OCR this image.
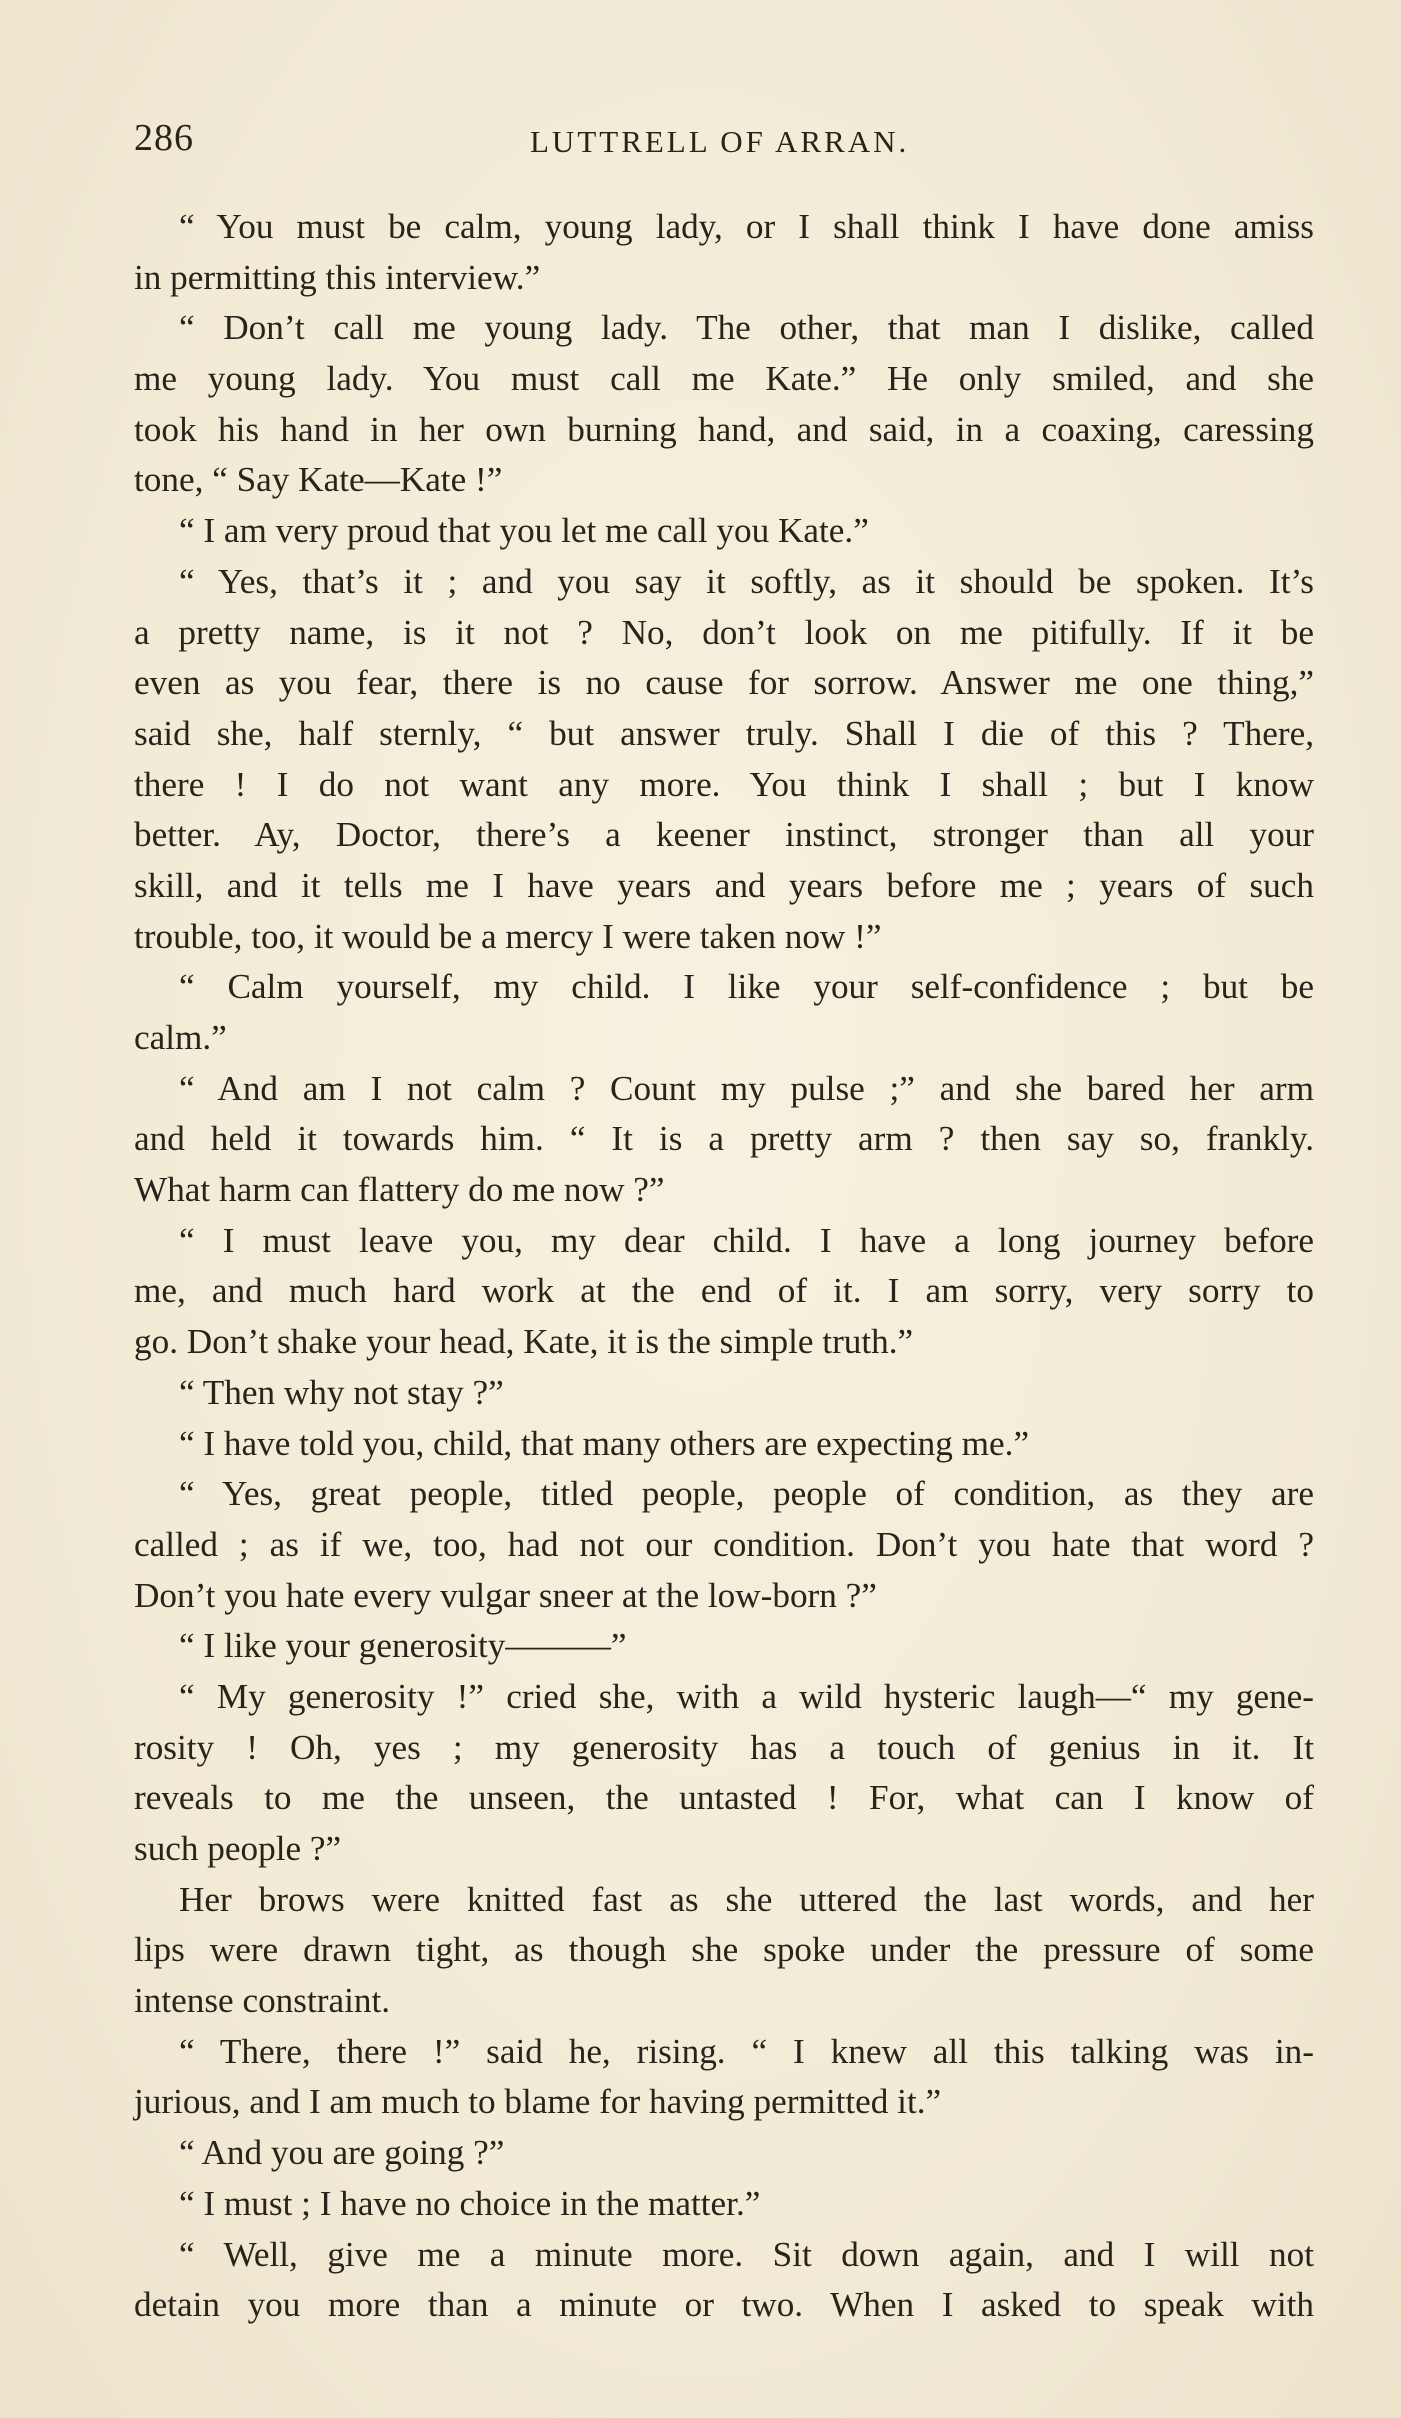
286	LUTTRELL OF ARRAN.
“ You must be calm, young lady, or I shall think I have done amiss
in permitting this interview.”
“ Don’t call me young lady. The other, that man I dislike, called
me young lady. You must call me Kate.” He only smiled, and she
took his hand in her own burning hand, and said, in a coaxing, caressing
tone, “ Say Kate—Kate !”
“ I am very proud that you let me call you Kate.”
“ Yes, that’s it ; and you say it softly, as it should be spoken. It’s
a pretty name, is it not ? No, don’t look on me pitifully. If it be
even as you fear, there is no cause for sorrow. Answer me one thing,”
said she, half sternly, “ but answer truly. Shall I die of this ? There,
there ! I do not want any more. You think I shall ; but I know
better. Ay, Doctor, there’s a keener instinct, stronger than all your
skill, and it tells me I have years and years before me ; years of such
trouble, too, it would be a mercy I were taken now !”
“ Calm yourself, my child. I like your self-confidence ; but be
calm.”
“ And am I not calm ? Count my pulse ;” and she bared her arm
and held it towards him. “ It is a pretty arm ? then say so, frankly.
What harm can flattery do me now ?”
“ I must leave you, my dear child. I have a long journey before
me, and much hard work at the end of it. I am sorry, very sorry to
go. Don’t shake your head, Kate, it is the simple truth.”
“ Then why not stay ?”
“ I have told you, child, that many others are expecting me.”
“ Yes, great people, titled people, people of condition, as they are
called ; as if we, too, had not our condition. Don’t you hate that word ?
Don’t you hate every vulgar sneer at the low-born ?”
“ I like your generosity———”
“ My generosity !” cried she, with a wild hysteric laugh—“ my gene-
rosity ! Oh, yes ; my generosity has a touch of genius in it. It
reveals to me the unseen, the untasted ! For, what can I know of
such people ?”
Her brows were knitted fast as she uttered the last words, and her
lips were drawn tight, as though she spoke under the pressure of some
intense constraint.
“ There, there !” said he, rising. “ I knew all this talking was in-
jurious, and I am much to blame for having permitted it.”
“ And you are going ?”
“ I must ; I have no choice in the matter.”
“ Well, give me a minute more. Sit down again, and I will not
detain you more than a minute or two. When I asked to speak with
